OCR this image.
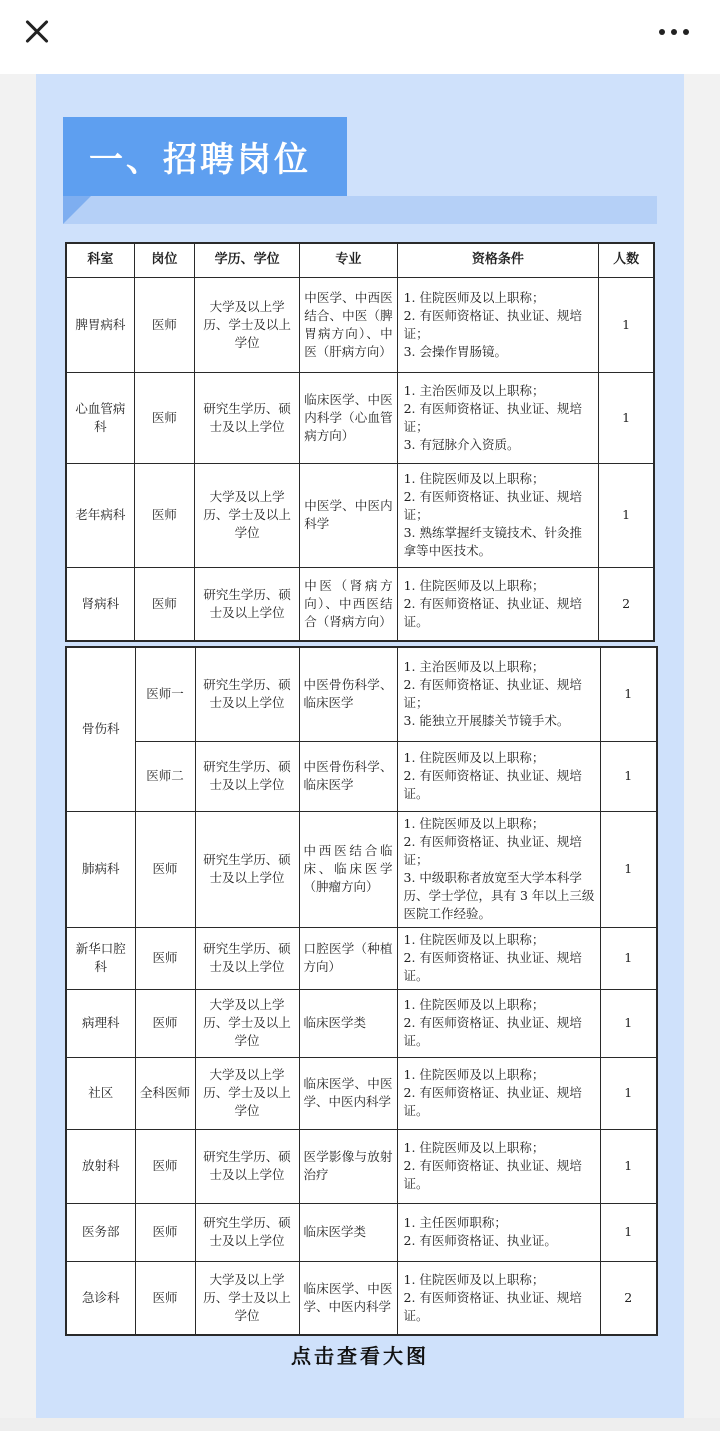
一、招聘岗位
科室	岗位	学历、学位	专业	资格条件	人数
脾胃病科	医师	大学及以上学历、学士及以上学位	中医学、中西医结合、中医（脾胃病方向）、中医（肝病方向）	1. 住院医师及以上职称；
2. 有医师资格证、执业证、规培证；
3. 会操作胃肠镜。	1
心血管病科	医师	研究生学历、硕士及以上学位	临床医学、中医内科学（心血管病方向）	1. 主治医师及以上职称；
2. 有医师资格证、执业证、规培证；
3. 有冠脉介入资质。	1
老年病科	医师	大学及以上学历、学士及以上学位	中医学、中医内科学	1. 住院医师及以上职称；
2. 有医师资格证、执业证、规培证；
3. 熟练掌握纤支镜技术、针灸推拿等中医技术。	1
肾病科	医师	研究生学历、硕士及以上学位	中医（肾病方向）、中西医结合（肾病方向）	1. 住院医师及以上职称；
2. 有医师资格证、执业证、规培证。	2
骨伤科	医师一	研究生学历、硕士及以上学位	中医骨伤科学、临床医学	1. 主治医师及以上职称；
2. 有医师资格证、执业证、规培证；
3. 能独立开展膝关节镜手术。	1
	医师二	研究生学历、硕士及以上学位	中医骨伤科学、临床医学	1. 住院医师及以上职称；
2. 有医师资格证、执业证、规培证。	1
肺病科	医师	研究生学历、硕士及以上学位	中西医结合临床、临床医学（肿瘤方向）	1. 住院医师及以上职称；
2. 有医师资格证、执业证、规培证；
3. 中级职称者放宽至大学本科学历、学士学位，具有 3 年以上三级医院工作经验。	1
新华口腔科	医师	研究生学历、硕士及以上学位	口腔医学（种植方向）	1. 住院医师及以上职称；
2. 有医师资格证、执业证、规培证。	1
病理科	医师	大学及以上学历、学士及以上学位	临床医学类	1. 住院医师及以上职称；
2. 有医师资格证、执业证、规培证。	1
社区	全科医师	大学及以上学历、学士及以上学位	临床医学、中医学、中医内科学	1. 住院医师及以上职称；
2. 有医师资格证、执业证、规培证。	1
放射科	医师	研究生学历、硕士及以上学位	医学影像与放射治疗	1. 住院医师及以上职称；
2. 有医师资格证、执业证、规培证。	1
医务部	医师	研究生学历、硕士及以上学位	临床医学类	1. 主任医师职称；
2. 有医师资格证、执业证。	1
急诊科	医师	大学及以上学历、学士及以上学位	临床医学、中医学、中医内科学	1. 住院医师及以上职称；
2. 有医师资格证、执业证、规培证。	2
点击查看大图
